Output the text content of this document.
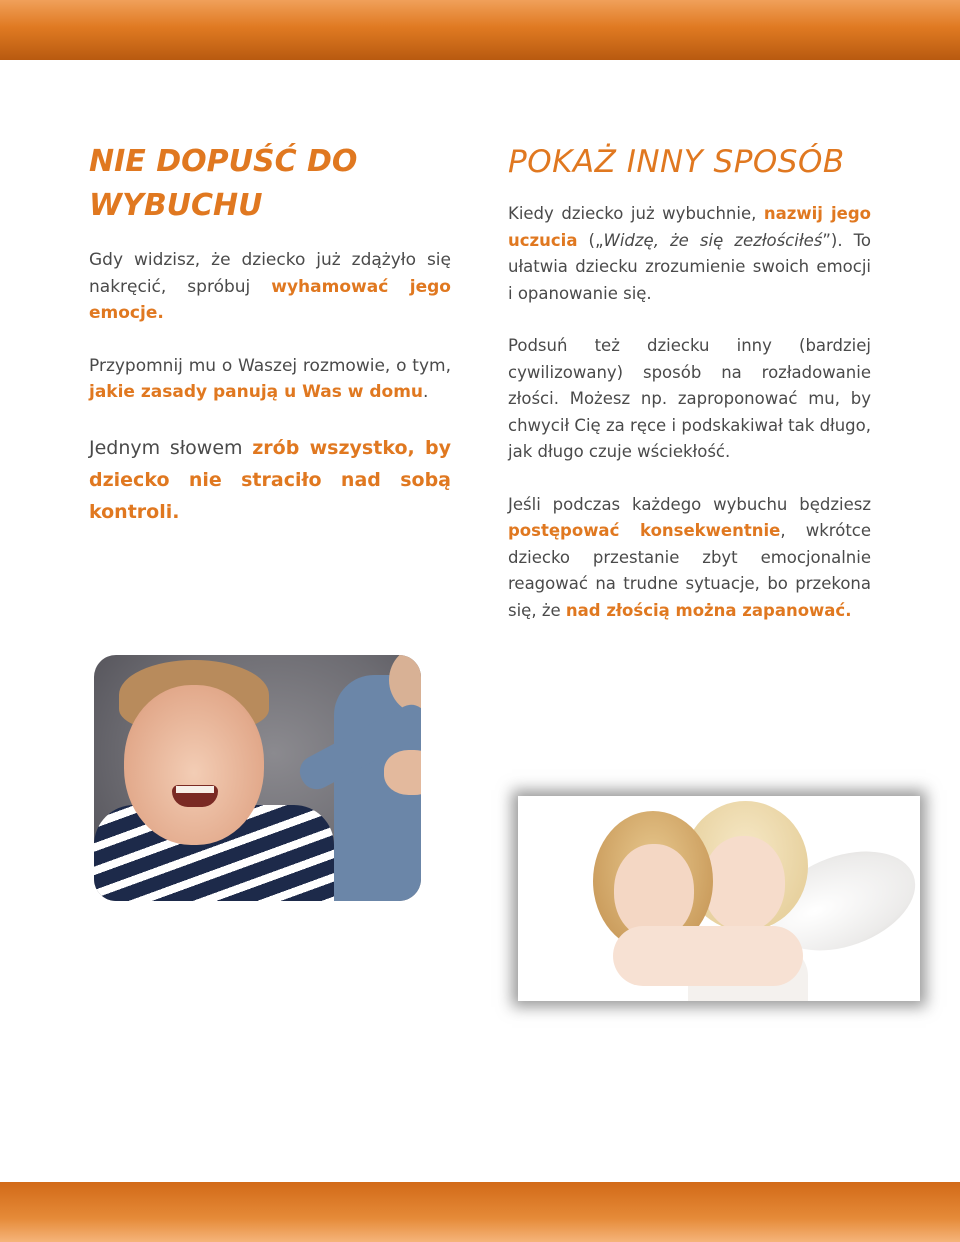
NIE DOPUŚĆ DO WYBUCHU

Gdy widzisz, że dziecko już zdążyło się nakręcić, spróbuj wyhamować jego emocje.

Przypomnij mu o Waszej rozmowie, o tym, jakie zasady panują u Was w domu.

Jednym słowem zrób wszystko, by dziecko nie straciło nad sobą kontroli.

POKAŻ INNY SPOSÓB

Kiedy dziecko już wybuchnie, nazwij jego uczucia („Widzę, że się zezłościłeś”). To ułatwia dziecku zrozumienie swoich emocji i opanowanie się.

Podsuń też dziecku inny (bardziej cywilizowany) sposób na rozładowanie złości. Możesz np. zaproponować mu, by chwycił Cię za ręce i podskakiwał tak długo, jak długo czuje wściekłość.

Jeśli podczas każdego wybuchu będziesz postępować konsekwentnie, wkrótce dziecko przestanie zbyt emocjonalnie reagować na trudne sytuacje, bo przekona się, że nad złością można zapanować.
